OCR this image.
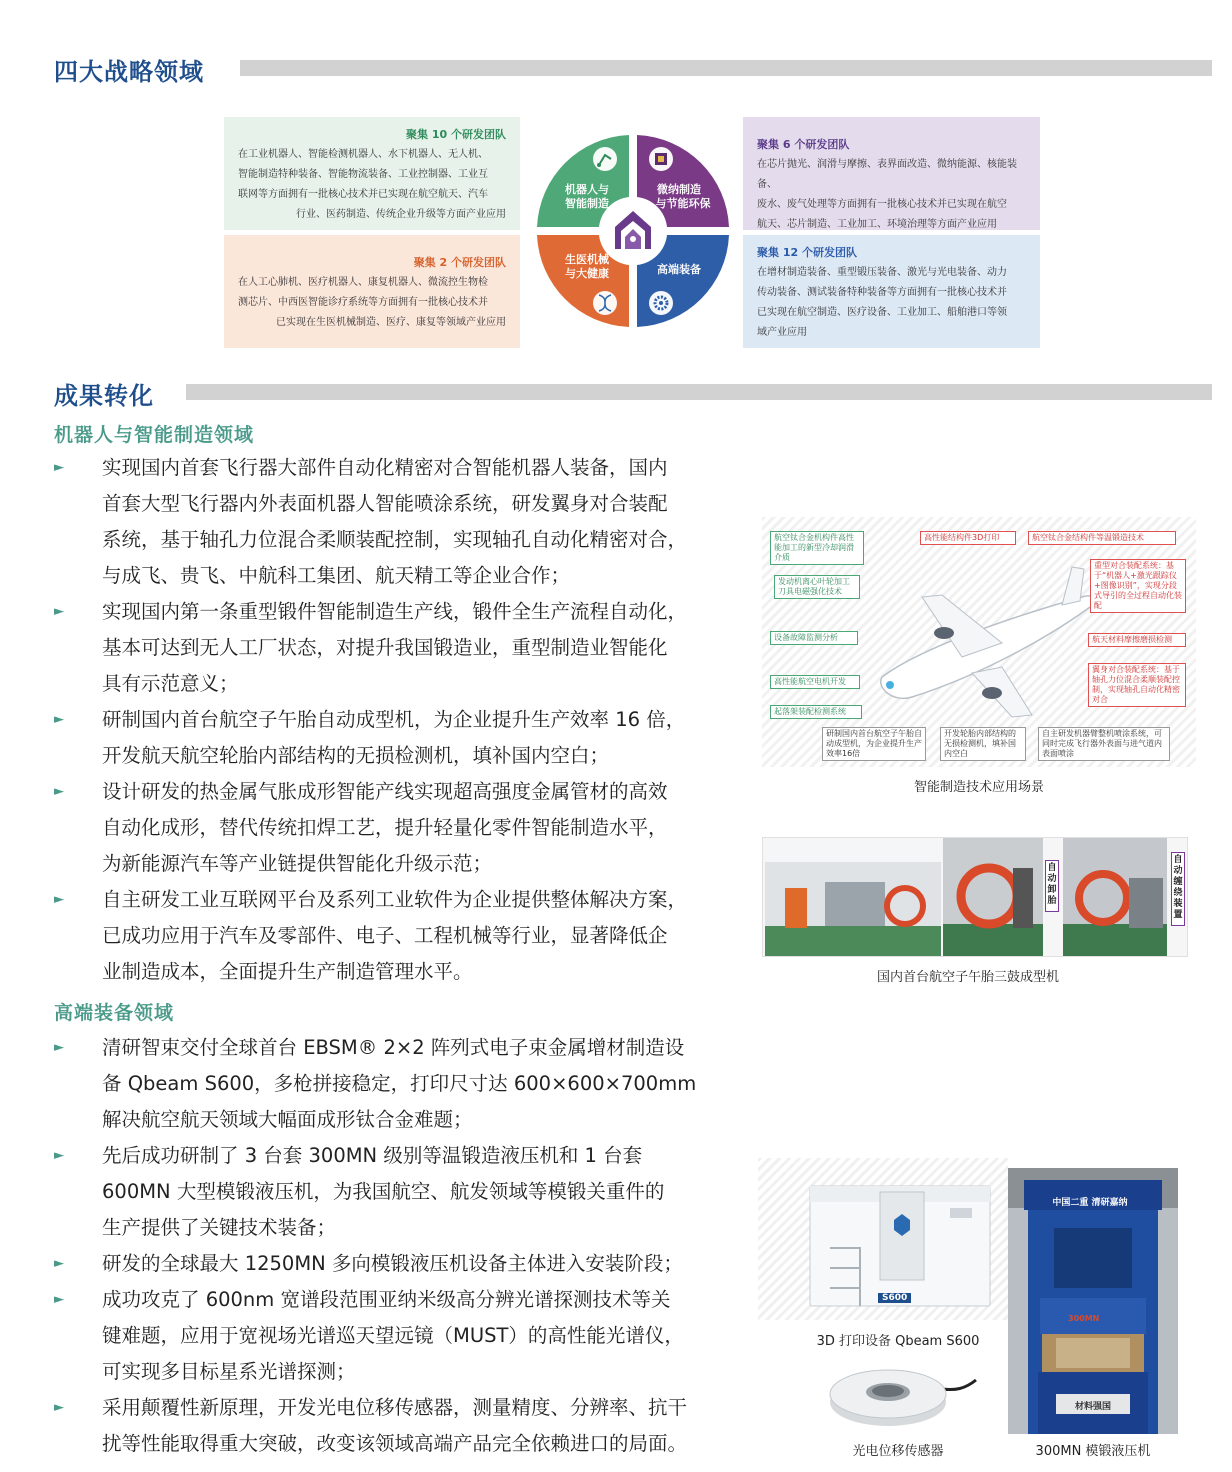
四大战略领域
聚集 10 个研发团队
在工业机器人、智能检测机器人、水下机器人、无人机、
智能制造特种装备、智能物流装备、工业控制器、工业互
联网等方面拥有一批核心技术并已实现在航空航天、汽车
行业、医药制造、传统企业升级等方面产业应用
聚集 2 个研发团队
在人工心肺机、医疗机器人、康复机器人、微流控生物检
测芯片、中西医智能诊疗系统等方面拥有一批核心技术并
已实现在生医机械制造、医疗、康复等领域产业应用
聚集 6 个研发团队
在芯片抛光、润滑与摩擦、表界面改造、微纳能源、核能装备、
废水、废气处理等方面拥有一批核心技术并已实现在航空
航天、芯片制造、工业加工、环境治理等方面产业应用
聚集 12 个研发团队
在增材制造装备、重型锻压装备、激光与光电装备、动力
传动装备、测试装备特种装备等方面拥有一批核心技术并
已实现在航空制造、医疗设备、工业加工、船舶港口等领
域产业应用
机器人与
智能制造
微纳制造
与节能环保
生医机械
与大健康	高端装备
成果转化
机器人与智能制造领域
► 实现国内首套飞行器大部件自动化精密对合智能机器人装备，国内
首套大型飞行器内外表面机器人智能喷涂系统，研发翼身对合装配
系统，基于轴孔力位混合柔顺装配控制，实现轴孔自动化精密对合，
与成飞、贵飞、中航科工集团、航天精工等企业合作；
► 实现国内第一条重型锻件智能制造生产线，锻件全生产流程自动化，
基本可达到无人工厂状态，对提升我国锻造业，重型制造业智能化
具有示范意义；
► 研制国内首台航空子午胎自动成型机，为企业提升生产效率 16 倍，
开发航天航空轮胎内部结构的无损检测机，填补国内空白；
► 设计研发的热金属气胀成形智能产线实现超高强度金属管材的高效
自动化成形，替代传统扣焊工艺，提升轻量化零件智能制造水平，
为新能源汽车等产业链提供智能化升级示范；
► 自主研发工业互联网平台及系列工业软件为企业提供整体解决方案，
已成功应用于汽车及零部件、电子、工程机械等行业，显著降低企
业制造成本，全面提升生产制造管理水平。
高端装备领域
► 清研智束交付全球首台 EBSM® 2×2 阵列式电子束金属增材制造设
备 Qbeam S600，多枪拼接稳定，打印尺寸达 600×600×700mm
解决航空航天领域大幅面成形钛合金难题；
► 先后成功研制了 3 台套 300MN 级别等温锻造液压机和 1 台套
600MN 大型模锻液压机，为我国航空、航发领域等模锻关重件的
生产提供了关键技术装备；
► 研发的全球最大 1250MN 多向模锻液压机设备主体进入安装阶段；
► 成功攻克了 600nm 宽谱段范围亚纳米级高分辨光谱探测技术等关
键难题，应用于宽视场光谱巡天望远镜（MUST）的高性能光谱仪，
可实现多目标星系光谱探测；
► 采用颠覆性新原理，开发光电位移传感器，测量精度、分辨率、抗干
扰等性能取得重大突破，改变该领域高端产品完全依赖进口的局面。
航空钛合金机构件高性能加工的新型冷却润滑介质
高性能结构件3D打印	航空钛合金结构件等温锻造技术
发动机离心叶轮加工刀具电磁强化技术
重型对合装配系统：基于“机器人+激光跟踪仪+图像识别”，实现分段式导引的全过程自动化装配
设备故障监测分析	航天材料摩擦磨损检测
高性能航空电机开发
翼身对合装配系统：基于轴孔力位混合柔顺装配控制，实现轴孔自动化精密对合
起落架装配检测系统
研制国内首台航空子午胎自动成型机，为企业提升生产效率16倍
开发轮胎内部结构的无损检测机，填补国内空白
自主研发机器臂整机喷涂系统，可同时完成飞行器外表面与进气道内表面喷涂
智能制造技术应用场景
自动卸胎
自动缠绕装置
国内首台航空子午胎三鼓成型机
S600
3D 打印设备 Qbeam S600
光电位移传感器
中国二重 清研嘉纳
300MN
材料强国
300MN 模锻液压机
